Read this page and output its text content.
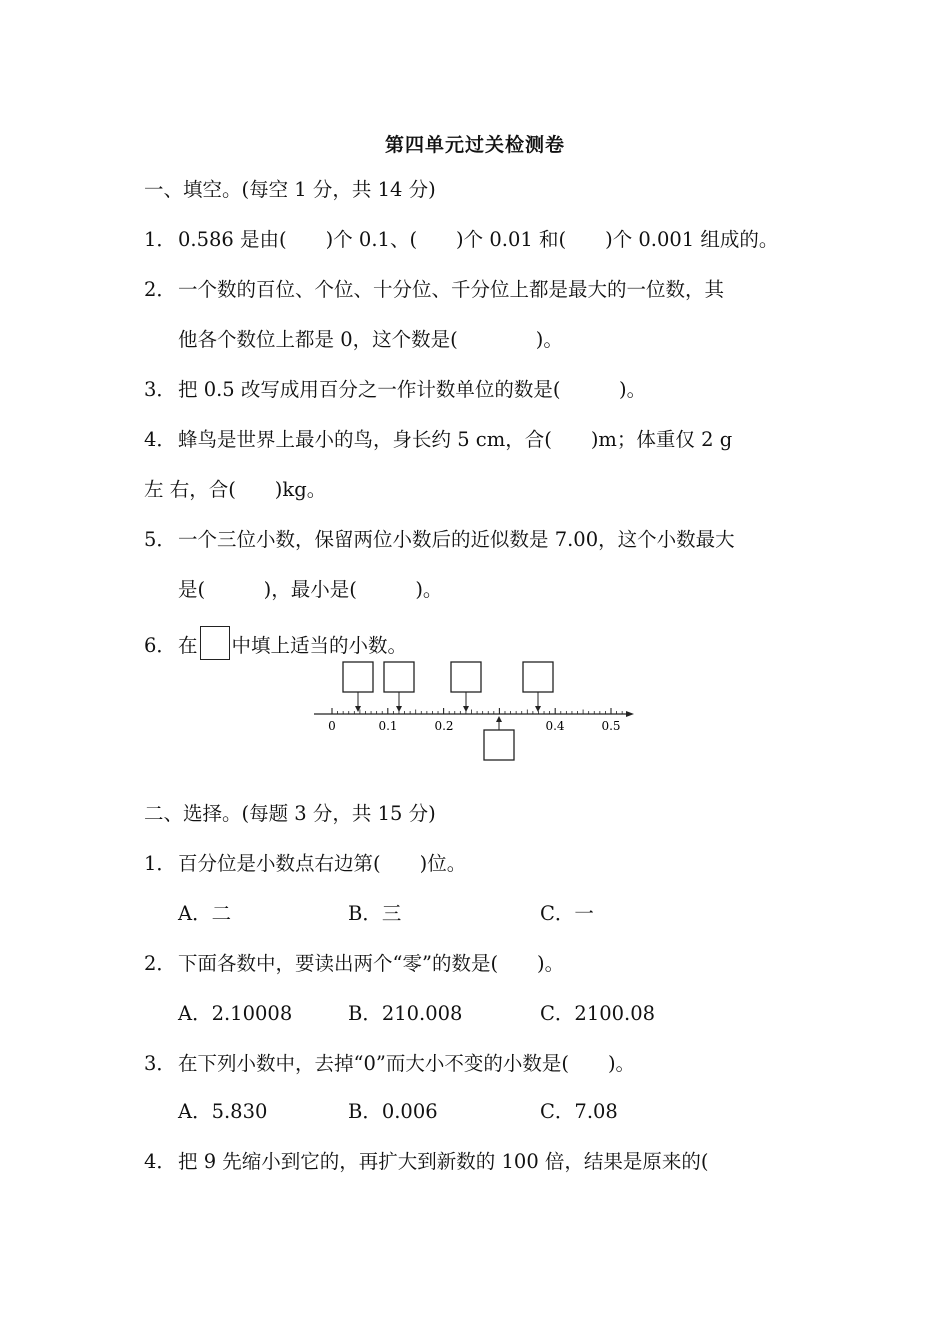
第四单元过关检测卷
一、填空。(每空 1 分，共 14 分)
1． 0.586 是由(　　)个 0.1、(　　)个 0.01 和(　　)个 0.001 组成的。
2． 一个数的百位、个位、十分位、千分位上都是最大的一位数，其
他各个数位上都是 0，这个数是(　　　　)。
3． 把 0.5 改写成用百分之一作计数单位的数是(　　　)。
4． 蜂鸟是世界上最小的鸟，身长约 5 cm，合(　　)m；体重仅 2 g
左 右，合(　　)kg。
5． 一个三位小数，保留两位小数后的近似数是 7.00，这个小数最大
是(　　　)，最小是(　　　)。
6． 在 中填上适当的小数。
0	0.1	0.2	0.4	0.5
二、选择。(每题 3 分，共 15 分)
1． 百分位是小数点右边第(　　)位。
A．二	B．三	C．一
2． 下面各数中，要读出两个“零”的数是(　　)。
A．2.10008	B．210.008	C．2100.08
3． 在下列小数中，去掉“0”而大小不变的小数是(　　)。
A．5.830	B．0.006	C．7.08
4． 把 9 先缩小到它的，再扩大到新数的 100 倍，结果是原来的(
